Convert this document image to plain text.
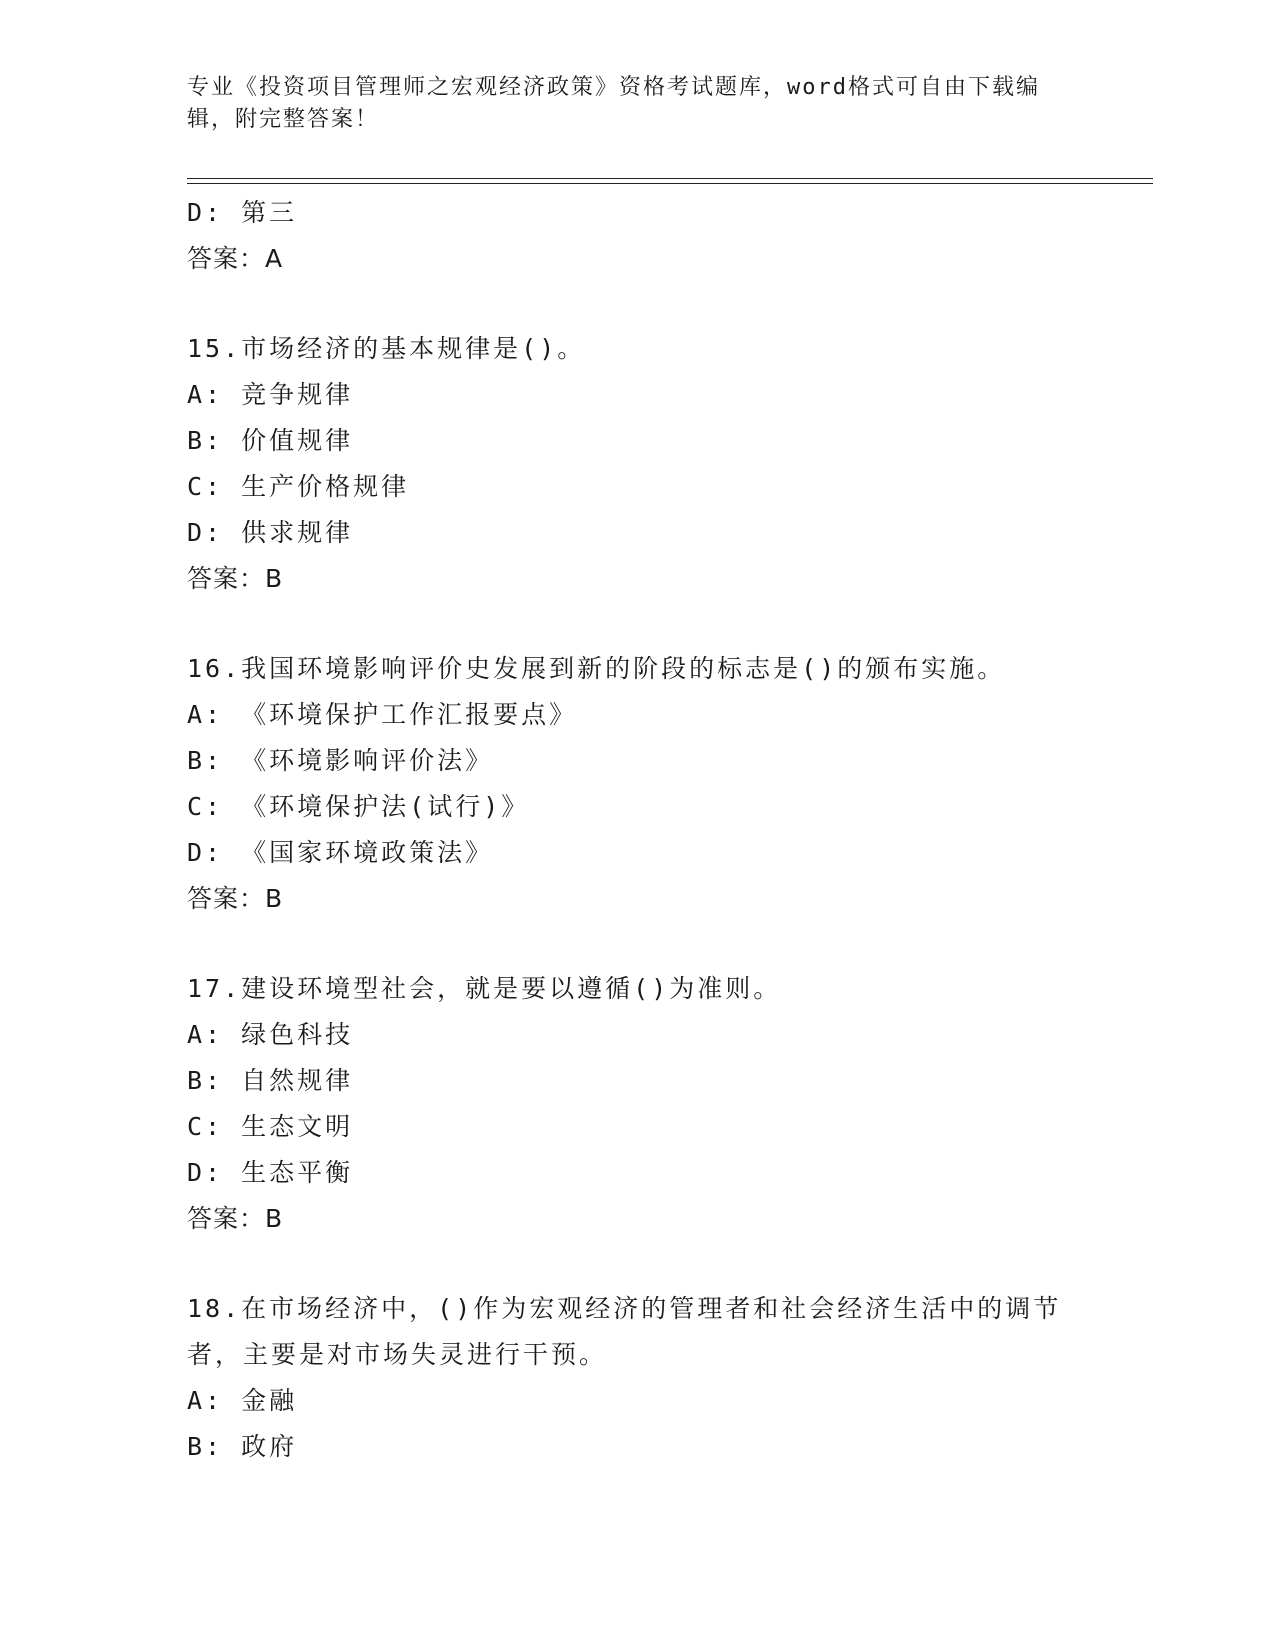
专业《投资项目管理师之宏观经济政策》资格考试题库，word格式可自由下载编辑，附完整答案！
D: 第三
答案：A
15.市场经济的基本规律是()。
A: 竞争规律
B: 价值规律
C: 生产价格规律
D: 供求规律
答案：B
16.我国环境影响评价史发展到新的阶段的标志是()的颁布实施。
A: 《环境保护工作汇报要点》
B: 《环境影响评价法》
C: 《环境保护法(试行)》
D: 《国家环境政策法》
答案：B
17.建设环境型社会，就是要以遵循()为准则。
A: 绿色科技
B: 自然规律
C: 生态文明
D: 生态平衡
答案：B
18.在市场经济中，()作为宏观经济的管理者和社会经济生活中的调节者，主要是对市场失灵进行干预。
A: 金融
B: 政府
